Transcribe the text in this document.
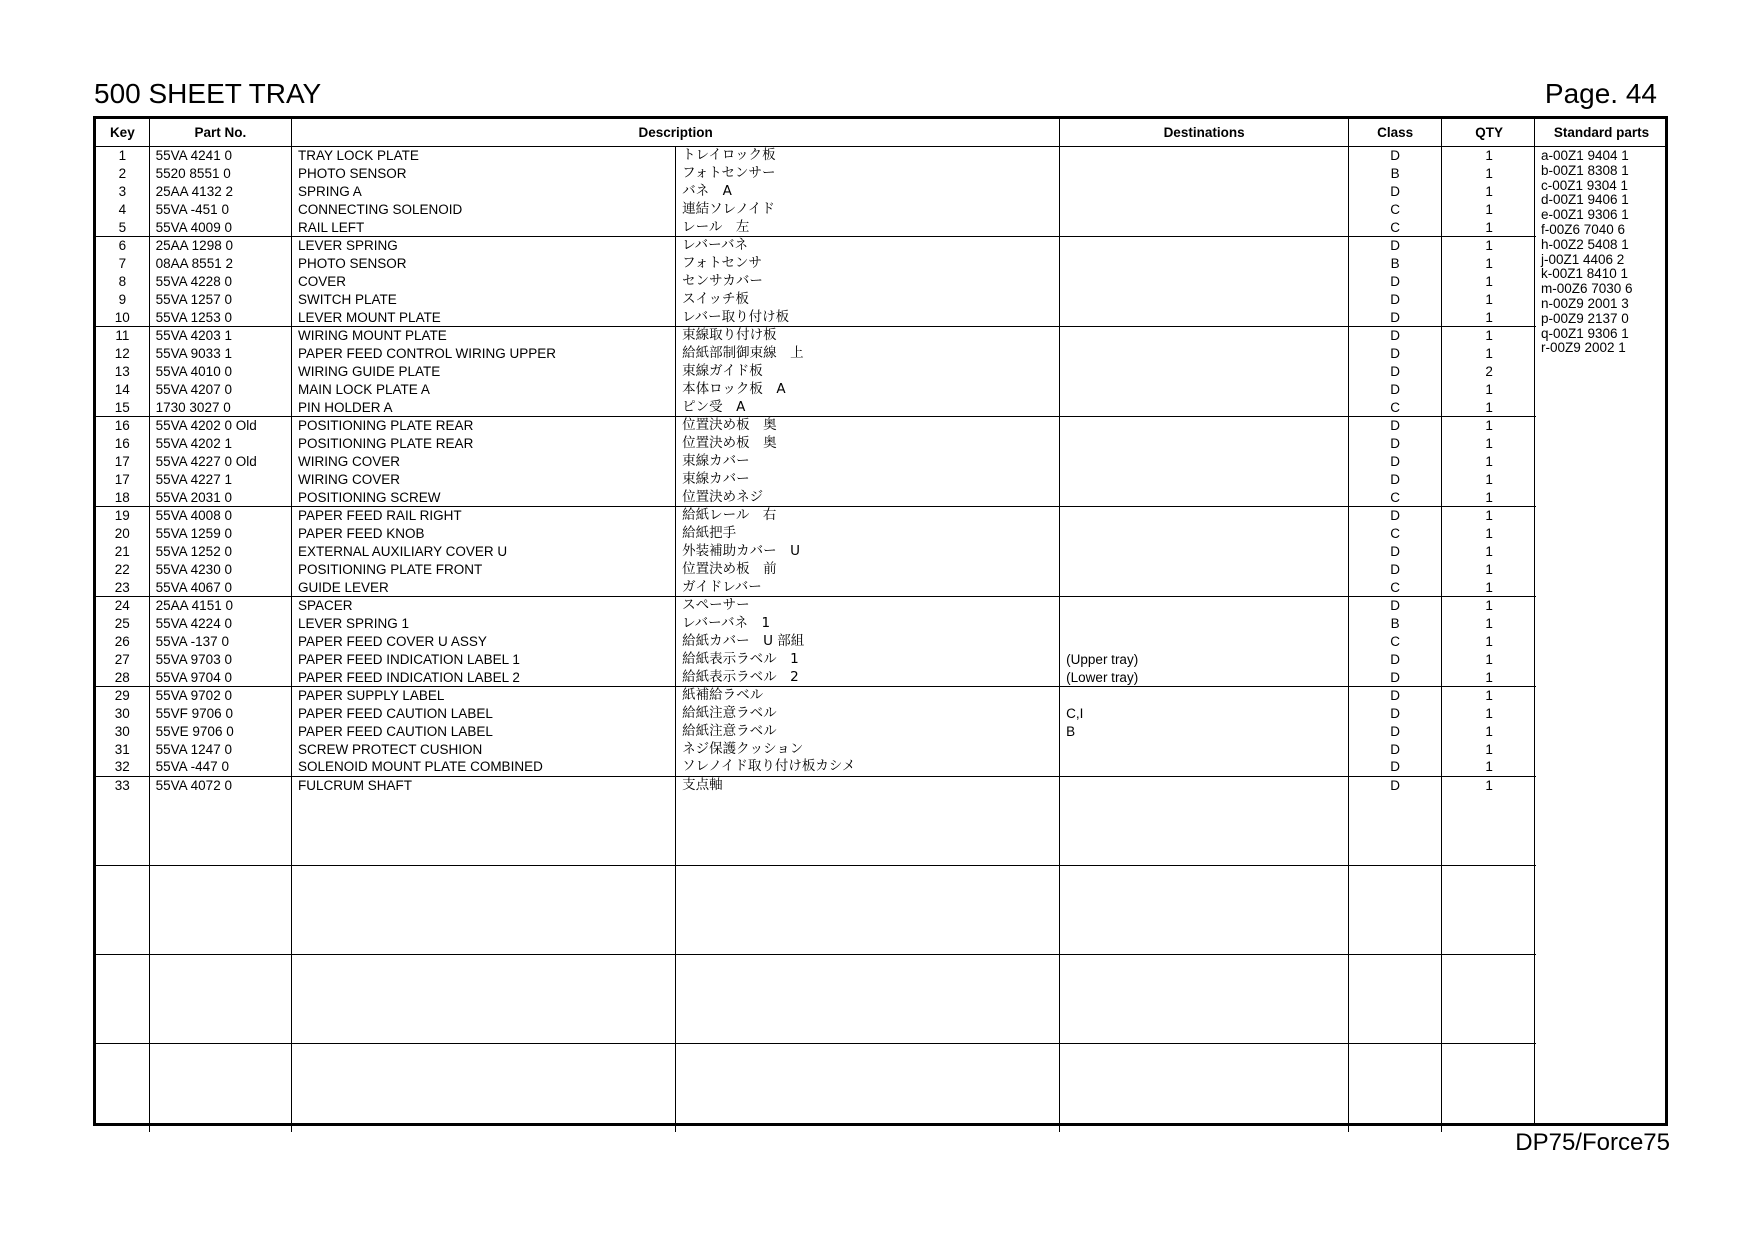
500 SHEET TRAY	Page. 44
Key	Part No.	Description		Destinations	Class	QTY
1	55VA 4241 0	TRAY LOCK PLATE	トレイロック板		D	1
2	5520 8551 0	PHOTO SENSOR	フォトセンサー		B	1
3	25AA 4132 2	SPRING A	バネ　A		D	1
4	55VA -451 0	CONNECTING SOLENOID	連結ソレノイド		C	1
5	55VA 4009 0	RAIL LEFT	レール　左		C	1
6	25AA 1298 0	LEVER SPRING	レバーバネ		D	1
7	08AA 8551 2	PHOTO SENSOR	フォトセンサ		B	1
8	55VA 4228 0	COVER	センサカバー		D	1
9	55VA 1257 0	SWITCH PLATE	スイッチ板		D	1
10	55VA 1253 0	LEVER MOUNT PLATE	レバー取り付け板		D	1
11	55VA 4203 1	WIRING MOUNT PLATE	束線取り付け板		D	1
12	55VA 9033 1	PAPER FEED CONTROL WIRING UPPER	給紙部制御束線　上		D	1
13	55VA 4010 0	WIRING GUIDE PLATE	束線ガイド板		D	2
14	55VA 4207 0	MAIN LOCK PLATE A	本体ロック板　A		D	1
15	1730 3027 0	PIN HOLDER A	ピン受　A		C	1
16	55VA 4202 0 Old	POSITIONING PLATE REAR	位置決め板　奥		D	1
16	55VA 4202 1	POSITIONING PLATE REAR	位置決め板　奥		D	1
17	55VA 4227 0 Old	WIRING COVER	束線カバー		D	1
17	55VA 4227 1	WIRING COVER	束線カバー		D	1
18	55VA 2031 0	POSITIONING SCREW	位置決めネジ		C	1
19	55VA 4008 0	PAPER FEED RAIL RIGHT	給紙レール　右		D	1
20	55VA 1259 0	PAPER FEED KNOB	給紙把手		C	1
21	55VA 1252 0	EXTERNAL AUXILIARY COVER U	外装補助カバー　U		D	1
22	55VA 4230 0	POSITIONING PLATE FRONT	位置決め板　前		D	1
23	55VA 4067 0	GUIDE LEVER	ガイドレバー		C	1
24	25AA 4151 0	SPACER	スペーサー		D	1
25	55VA 4224 0	LEVER SPRING 1	レバーバネ　1		B	1
26	55VA -137 0	PAPER FEED COVER U ASSY	給紙カバー　U 部組		C	1
27	55VA 9703 0	PAPER FEED INDICATION LABEL 1	給紙表示ラベル　1	(Upper tray)	D	1
28	55VA 9704 0	PAPER FEED INDICATION LABEL 2	給紙表示ラベル　2	(Lower tray)	D	1
29	55VA 9702 0	PAPER SUPPLY LABEL	紙補給ラベル		D	1
30	55VF 9706 0	PAPER FEED CAUTION LABEL	給紙注意ラベル	C,I	D	1
30	55VE 9706 0	PAPER FEED CAUTION LABEL	給紙注意ラベル	B	D	1
31	55VA 1247 0	SCREW PROTECT CUSHION	ネジ保護クッション		D	1
32	55VA -447 0	SOLENOID MOUNT PLATE COMBINED	ソレノイド取り付け板カシメ		D	1
33	55VA 4072 0	FULCRUM SHAFT	支点軸		D	1

Standard parts
a-00Z1 9404 1
b-00Z1 8308 1
c-00Z1 9304 1
d-00Z1 9406 1
e-00Z1 9306 1
f-00Z6 7040 6
h-00Z2 5408 1
j-00Z1 4406 2
k-00Z1 8410 1
m-00Z6 7030 6
n-00Z9 2001 3
p-00Z9 2137 0
q-00Z1 9306 1
r-00Z9 2002 1
DP75/Force75
